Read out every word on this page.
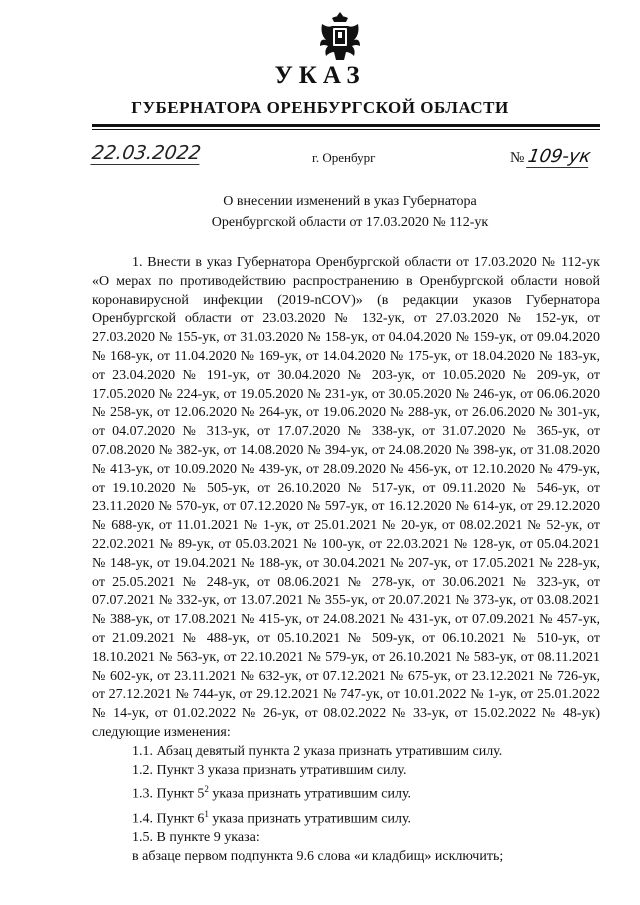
УКАЗ
ГУБЕРНАТОРА ОРЕНБУРГСКОЙ ОБЛАСТИ
22.03.2022	г. Оренбург	№ 109-ук
О внесении изменений в указ Губернатора Оренбургской области от 17.03.2020 № 112-ук

1. Внести в указ Губернатора Оренбургской области от 17.03.2020 № 112-ук «О мерах по противодействию распространению в Оренбургской области новой коронавирусной инфекции (2019-nCOV)» (в редакции указов Губернатора Оренбургской области от 23.03.2020 № 132-ук, от 27.03.2020 № 152-ук, от 27.03.2020 № 155-ук, от 31.03.2020 № 158-ук, от 04.04.2020 № 159-ук, от 09.04.2020 № 168-ук, от 11.04.2020 № 169-ук, от 14.04.2020 № 175-ук, от 18.04.2020 № 183-ук, от 23.04.2020 № 191-ук, от 30.04.2020 № 203-ук, от 10.05.2020 № 209-ук, от 17.05.2020 № 224-ук, от 19.05.2020 № 231-ук, от 30.05.2020 № 246-ук, от 06.06.2020 № 258-ук, от 12.06.2020 № 264-ук, от 19.06.2020 № 288-ук, от 26.06.2020 № 301-ук, от 04.07.2020 № 313-ук, от 17.07.2020 № 338-ук, от 31.07.2020 № 365-ук, от 07.08.2020 № 382-ук, от 14.08.2020 № 394-ук, от 24.08.2020 № 398-ук, от 31.08.2020 № 413-ук, от 10.09.2020 № 439-ук, от 28.09.2020 № 456-ук, от 12.10.2020 № 479-ук, от 19.10.2020 № 505-ук, от 26.10.2020 № 517-ук, от 09.11.2020 № 546-ук, от 23.11.2020 № 570-ук, от 07.12.2020 № 597-ук, от 16.12.2020 № 614-ук, от 29.12.2020 № 688-ук, от 11.01.2021 № 1-ук, от 25.01.2021 № 20-ук, от 08.02.2021 № 52-ук, от 22.02.2021 № 89-ук, от 05.03.2021 № 100-ук, от 22.03.2021 № 128-ук, от 05.04.2021 № 148-ук, от 19.04.2021 № 188-ук, от 30.04.2021 № 207-ук, от 17.05.2021 № 228-ук, от 25.05.2021 № 248-ук, от 08.06.2021 № 278-ук, от 30.06.2021 № 323-ук, от 07.07.2021 № 332-ук, от 13.07.2021 № 355-ук, от 20.07.2021 № 373-ук, от 03.08.2021 № 388-ук, от 17.08.2021 № 415-ук, от 24.08.2021 № 431-ук, от 07.09.2021 № 457-ук, от 21.09.2021 № 488-ук, от 05.10.2021 № 509-ук, от 06.10.2021 № 510-ук, от 18.10.2021 № 563-ук, от 22.10.2021 № 579-ук, от 26.10.2021 № 583-ук, от 08.11.2021 № 602-ук, от 23.11.2021 № 632-ук, от 07.12.2021 № 675-ук, от 23.12.2021 № 726-ук, от 27.12.2021 № 744-ук, от 29.12.2021 № 747-ук, от 10.01.2022 № 1-ук, от 25.01.2022 № 14-ук, от 01.02.2022 № 26-ук, от 08.02.2022 № 33-ук, от 15.02.2022 № 48-ук) следующие изменения:

1.1. Абзац девятый пункта 2 указа признать утратившим силу.

1.2. Пункт 3 указа признать утратившим силу.

1.3. Пункт $5^2$ указа признать утратившим силу.

1.4. Пункт $6^1$ указа признать утратившим силу.

1.5. В пункте 9 указа:

в абзаце первом подпункта 9.6 слова «и кладбищ» исключить;
